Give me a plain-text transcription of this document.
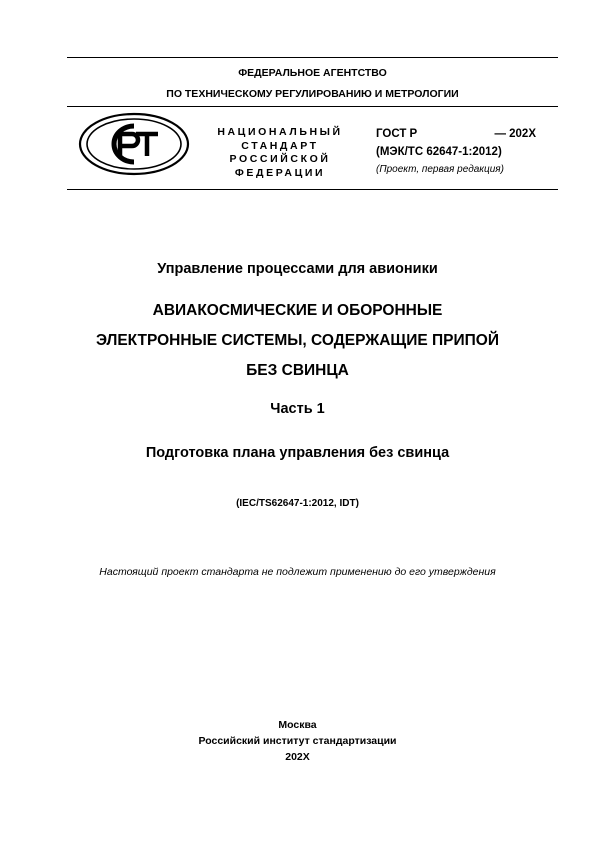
ФЕДЕРАЛЬНОЕ АГЕНТСТВО
ПО ТЕХНИЧЕСКОМУ РЕГУЛИРОВАНИЮ И МЕТРОЛОГИИ
НАЦИОНАЛЬНЫЙ
СТАНДАРТ
РОССИЙСКОЙ
ФЕДЕРАЦИИ
ГОСТ Р	— 202X
(МЭК/ТС 62647-1:2012)
(Проект, первая редакция)
Управление процессами для авионики
АВИАКОСМИЧЕСКИЕ И ОБОРОННЫЕ
ЭЛЕКТРОННЫЕ СИСТЕМЫ, СОДЕРЖАЩИЕ ПРИПОЙ
БЕЗ СВИНЦА
Часть 1
Подготовка плана управления без свинца
(IEC/TS62647-1:2012, IDT)
Настоящий проект стандарта не подлежит применению до его утверждения
Москва
Российский институт стандартизации
202X
